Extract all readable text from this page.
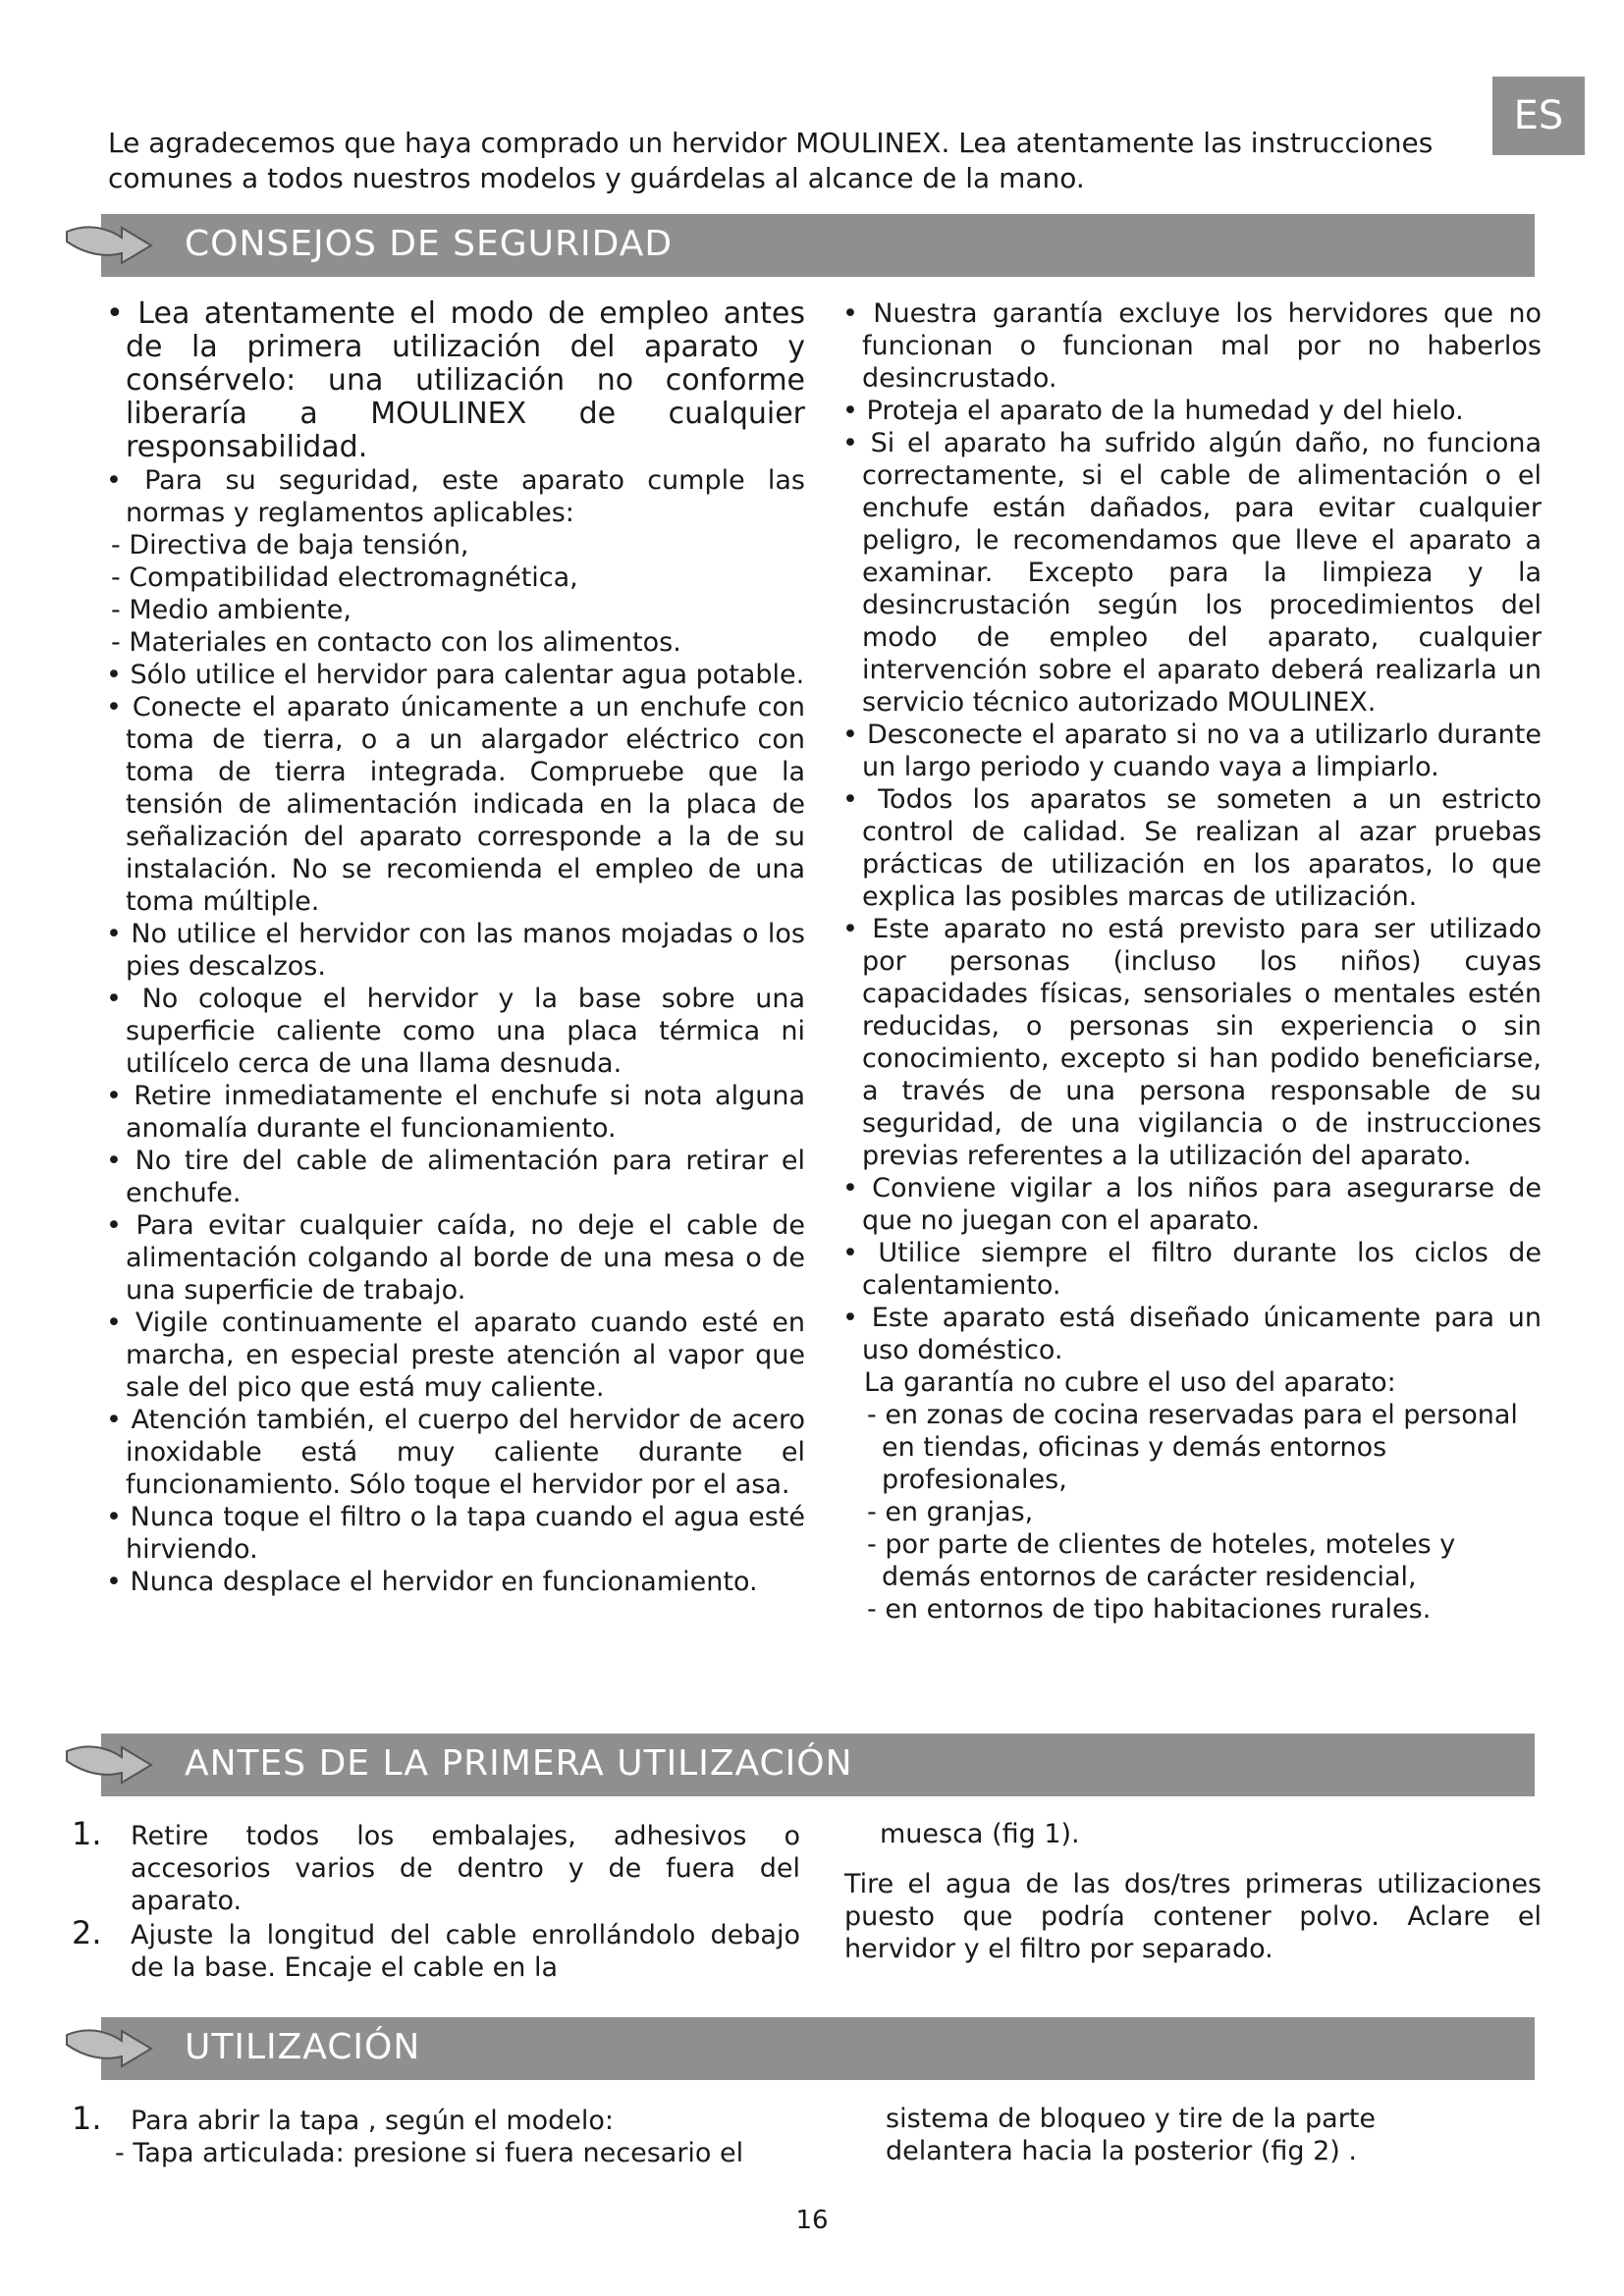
ES

Le agradecemos que haya comprado un hervidor MOULINEX. Lea atentamente las instrucciones comunes a todos nuestros modelos y guárdelas al alcance de la mano.

CONSEJOS DE SEGURIDAD

• Lea atentamente el modo de empleo antes de la primera utilización del aparato y consérvelo: una utilización no conforme liberaría a MOULINEX de cualquier responsabilidad.

• Para su seguridad, este aparato cumple las normas y reglamentos aplicables:

- Directiva de baja tensión,

- Compatibilidad electromagnética,

- Medio ambiente,

- Materiales en contacto con los alimentos.

• Sólo utilice el hervidor para calentar agua potable.

• Conecte el aparato únicamente a un enchufe con toma de tierra, o a un alargador eléctrico con toma de tierra integrada. Compruebe que la tensión de alimentación indicada en la placa de señalización del aparato corresponde a la de su instalación. No se recomienda el empleo de una toma múltiple.

• No utilice el hervidor con las manos mojadas o los pies descalzos.

• No coloque el hervidor y la base sobre una superficie caliente como una placa térmica ni utilícelo cerca de una llama desnuda.

• Retire inmediatamente el enchufe si nota alguna anomalía durante el funcionamiento.

• No tire del cable de alimentación para retirar el enchufe.

• Para evitar cualquier caída, no deje el cable de alimentación colgando al borde de una mesa o de una superficie de trabajo.

• Vigile continuamente el aparato cuando esté en marcha, en especial preste atención al vapor que sale del pico que está muy caliente.

• Atención también, el cuerpo del hervidor de acero inoxidable está muy caliente durante el funcionamiento. Sólo toque el hervidor por el asa.

• Nunca toque el filtro o la tapa cuando el agua esté hirviendo.

• Nunca desplace el hervidor en funcionamiento.

• Nuestra garantía excluye los hervidores que no funcionan o funcionan mal por no haberlos desincrustado.

• Proteja el aparato de la humedad y del hielo.

• Si el aparato ha sufrido algún daño, no funciona correctamente, si el cable de alimentación o el enchufe están dañados, para evitar cualquier peligro, le recomendamos que lleve el aparato a examinar. Excepto para la limpieza y la desincrustación según los procedimientos del modo de empleo del aparato, cualquier intervención sobre el aparato deberá realizarla un servicio técnico autorizado MOULINEX.

• Desconecte el aparato si no va a utilizarlo durante un largo periodo y cuando vaya a limpiarlo.

• Todos los aparatos se someten a un estricto control de calidad. Se realizan al azar pruebas prácticas de utilización en los aparatos, lo que explica las posibles marcas de utilización.

• Este aparato no está previsto para ser utilizado por personas (incluso los niños) cuyas capacidades físicas, sensoriales o mentales estén reducidas, o personas sin experiencia o sin conocimiento, excepto si han podido beneficiarse, a través de una persona responsable de su seguridad, de una vigilancia o de instrucciones previas referentes a la utilización del aparato.

• Conviene vigilar a los niños para asegurarse de que no juegan con el aparato.

• Utilice siempre el filtro durante los ciclos de calentamiento.

• Este aparato está diseñado únicamente para un uso doméstico.

La garantía no cubre el uso del aparato:

- en zonas de cocina reservadas para el personal en tiendas, oficinas y demás entornos profesionales,

- en granjas,

- por parte de clientes de hoteles, moteles y demás entornos de carácter residencial,

- en entornos de tipo habitaciones rurales.

ANTES DE LA PRIMERA UTILIZACIÓN

1. Retire todos los embalajes, adhesivos o accesorios varios de dentro y de fuera del aparato.

2. Ajuste la longitud del cable enrollándolo debajo de la base. Encaje el cable en la

muesca (fig 1).

Tire el agua de las dos/tres primeras utilizaciones puesto que podría contener polvo. Aclare el hervidor y el filtro por separado.

UTILIZACIÓN

1. Para abrir la tapa , según el modelo:

- Tapa articulada: presione si fuera necesario el

sistema de bloqueo y tire de la parte delantera hacia la posterior (fig 2) .

16
